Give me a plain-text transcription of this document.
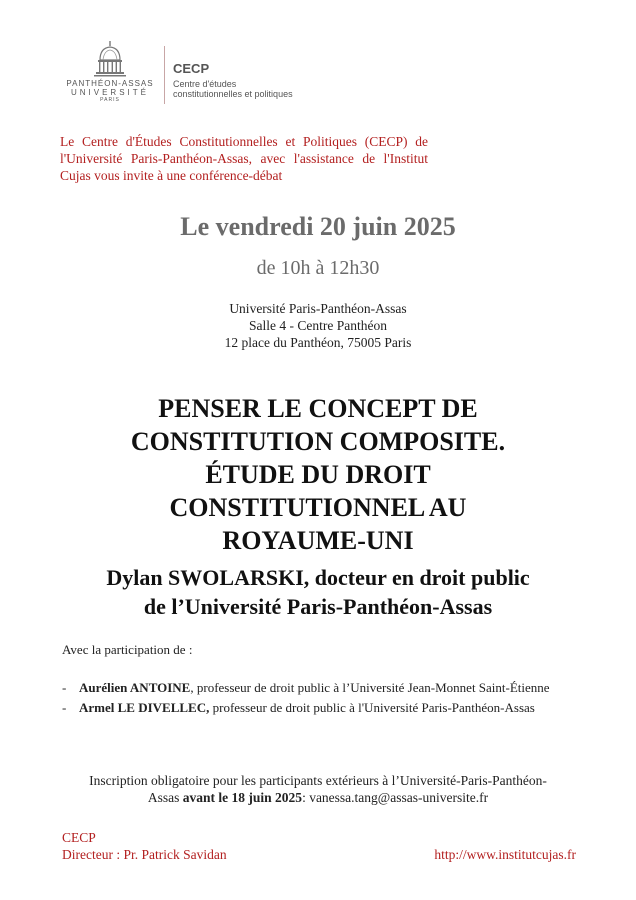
PANTHÉON-ASSAS
UNIVERSITÉ
PARIS
CECP
Centre d'études
constitutionnelles et politiques
Le Centre d'Études Constitutionnelles et Politiques (CECP) de l'Université Paris-Panthéon-Assas, avec l'assistance de l'Institut Cujas vous invite à une conférence-débat
Le vendredi 20 juin 2025
de 10h à 12h30
Université Paris-Panthéon-Assas
Salle 4 - Centre Panthéon
12 place du Panthéon, 75005 Paris
PENSER LE CONCEPT DE CONSTITUTION COMPOSITE. ÉTUDE DU DROIT CONSTITUTIONNEL AU ROYAUME-UNI
Dylan SWOLARSKI, docteur en droit public
de l’Université Paris-Panthéon-Assas
Avec la participation de :
- Aurélien ANTOINE, professeur de droit public à l’Université Jean-Monnet Saint-Étienne
- Armel LE DIVELLEC, professeur de droit public à l'Université Paris-Panthéon-Assas
Inscription obligatoire pour les participants extérieurs à l’Université-Paris-Panthéon-
Assas avant le 18 juin 2025: vanessa.tang@assas-universite.fr
CECP
Directeur : Pr. Patrick Savidan	http://www.institutcujas.fr
